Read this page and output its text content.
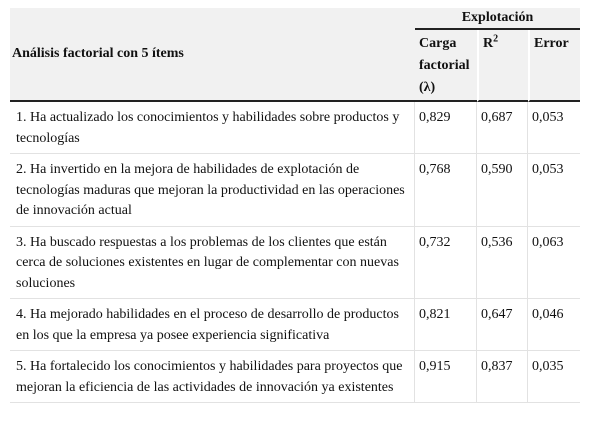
Análisis factorial con 5 ítems	Explotación		
	Carga factorial (λ)	$R^2$	Error
1. Ha actualizado los conocimientos y habilidades sobre productos y tecnologías	0,829	0,687	0,053
2. Ha invertido en la mejora de habilidades de explotación de tecnologías maduras que mejoran la productividad en las operaciones de innovación actual	0,768	0,590	0,053
3. Ha buscado respuestas a los problemas de los clientes que están cerca de soluciones existentes en lugar de complementar con nuevas soluciones	0,732	0,536	0,063
4. Ha mejorado habilidades en el proceso de desarrollo de productos en los que la empresa ya posee experiencia significativa	0,821	0,647	0,046
5. Ha fortalecido los conocimientos y habilidades para proyectos que mejoran la eficiencia de las actividades de innovación ya existentes	0,915	0,837	0,035
